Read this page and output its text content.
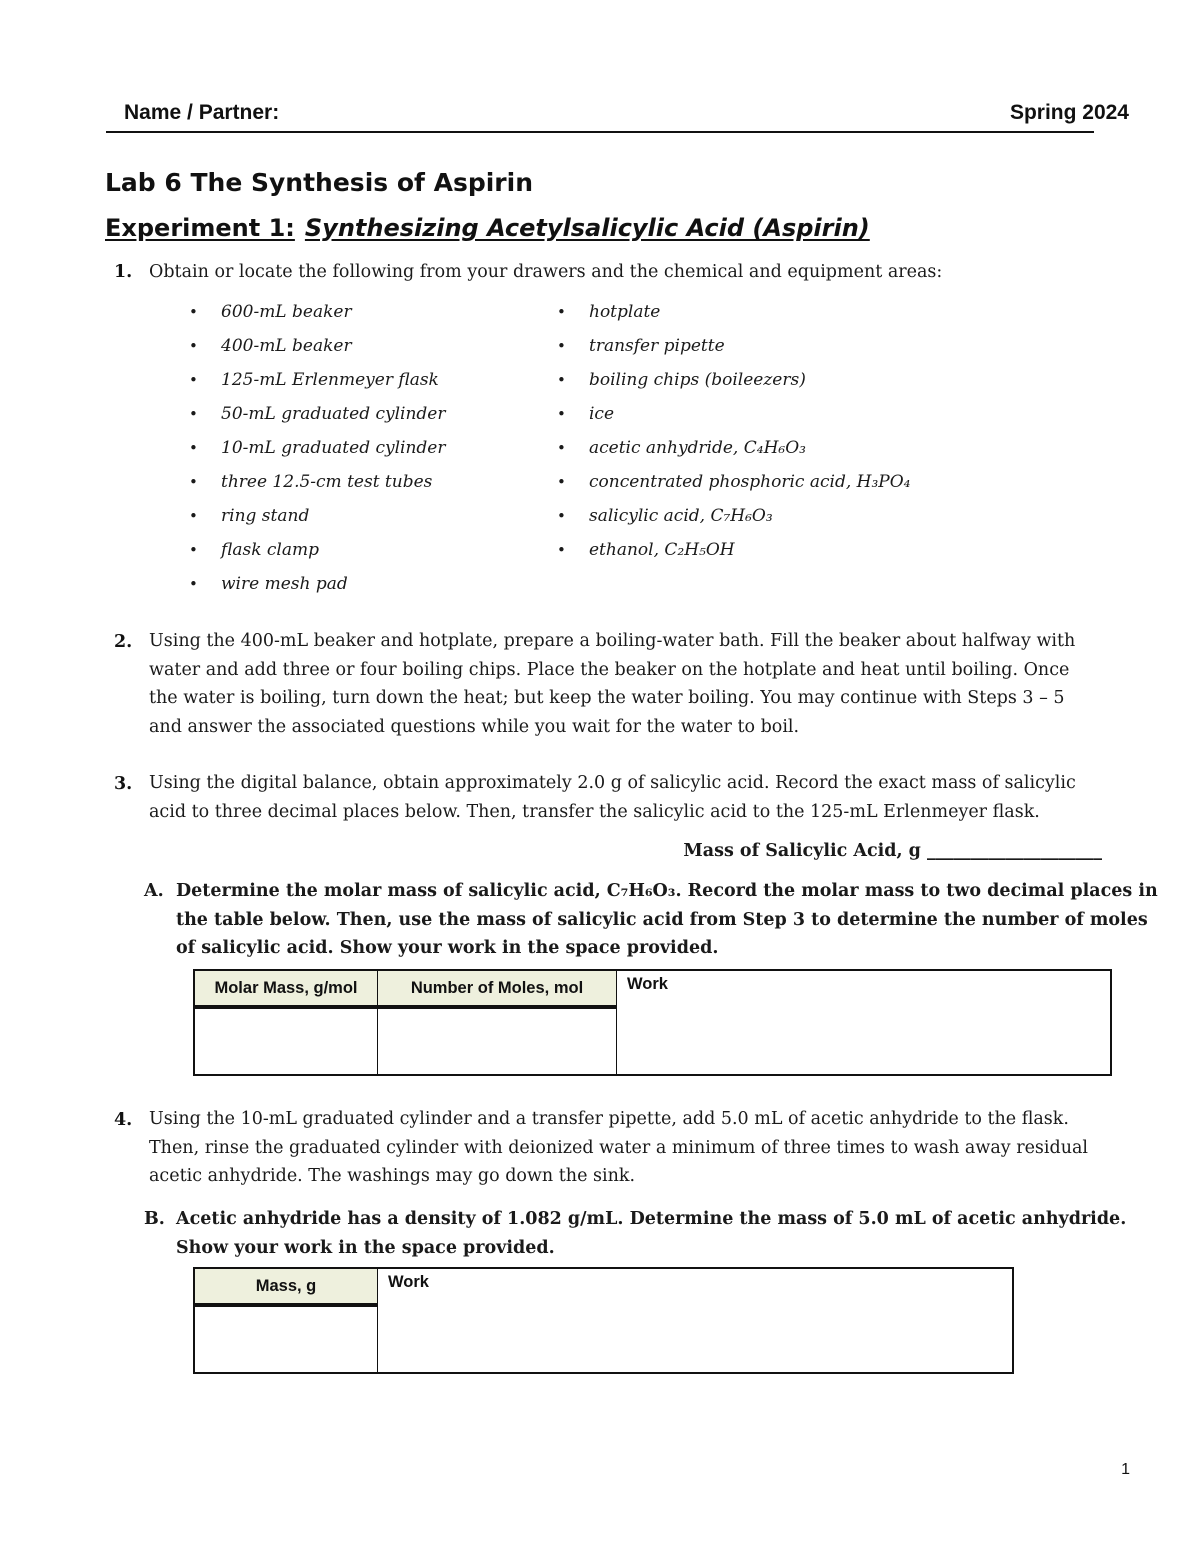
Name / Partner:	Spring 2024
Lab 6 The Synthesis of Aspirin
Experiment 1: Synthesizing Acetylsalicylic Acid (Aspirin)
1. Obtain or locate the following from your drawers and the chemical and equipment areas:
• 600-mL beaker
• 400-mL beaker
• 125-mL Erlenmeyer flask
• 50-mL graduated cylinder
• 10-mL graduated cylinder
• three 12.5-cm test tubes
• ring stand
• flask clamp
• wire mesh pad
• hotplate
• transfer pipette
• boiling chips (boileezers)
• ice
• acetic anhydride, C₄H₆O₃
• concentrated phosphoric acid, H₃PO₄
• salicylic acid, C₇H₆O₃
• ethanol, C₂H₅OH
2. Using the 400-mL beaker and hotplate, prepare a boiling-water bath. Fill the beaker about halfway with
water and add three or four boiling chips. Place the beaker on the hotplate and heat until boiling. Once
the water is boiling, turn down the heat; but keep the water boiling. You may continue with Steps 3 – 5
and answer the associated questions while you wait for the water to boil.
3. Using the digital balance, obtain approximately 2.0 g of salicylic acid. Record the exact mass of salicylic
acid to three decimal places below. Then, transfer the salicylic acid to the 125-mL Erlenmeyer flask.
Mass of Salicylic Acid, g ____________________
A. Determine the molar mass of salicylic acid, C₇H₆O₃. Record the molar mass to two decimal places in
the table below. Then, use the mass of salicylic acid from Step 3 to determine the number of moles
of salicylic acid. Show your work in the space provided.
Molar Mass, g/mol	Number of Moles, mol	Work

4. Using the 10-mL graduated cylinder and a transfer pipette, add 5.0 mL of acetic anhydride to the flask.
Then, rinse the graduated cylinder with deionized water a minimum of three times to wash away residual
acetic anhydride. The washings may go down the sink.
B. Acetic anhydride has a density of 1.082 g/mL. Determine the mass of 5.0 mL of acetic anhydride.
Show your work in the space provided.
Mass, g	Work

1
